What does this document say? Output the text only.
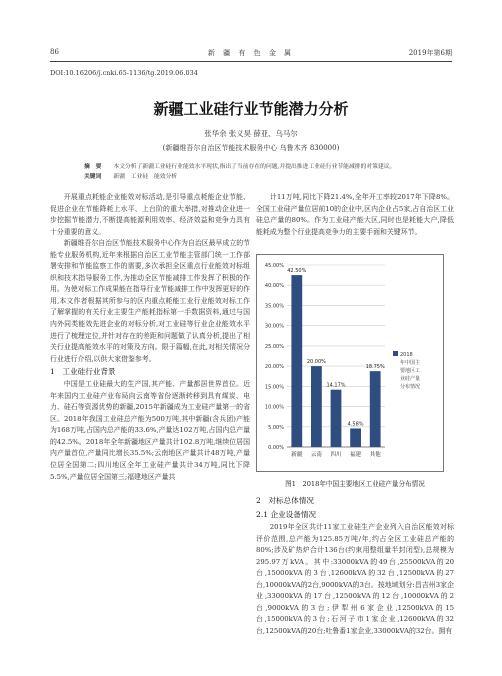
86	新 疆 有 色 金 属	2019年第6期
DOI:10.16206/j.cnki.65-1136/tg.2019.06.034
新疆工业硅行业节能潜力分析
张华余 张义昊 薛亚、乌马尔
(新疆维吾尔自治区节能技术服务中心 乌鲁木齐 830000)
摘　要 本文分析了新疆工业硅行业能效水平现状,指出了当前存在的问题,并提出推进工业硅行业节能减排的对策建议。
关键词 新疆　工业硅　能效分析

开展重点耗能企业能效对标活动,是引导重点耗能企业节能、促进企业在节能降耗上水平、上台阶的重大举措,对推动企业进一步挖掘节能潜力,不断提高能源利用效率、经济效益和竞争力具有十分重要的意义。

新疆维吾尔自治区节能技术服务中心作为自治区最早成立的节能专业服务机构,近年来根据自治区工业节能主管部门统一工作部署安排和节能监察工作的需要,多次承担全区重点行业能效对标组织和技术指导服务工作,为推动全区节能减排工作发挥了积极的作用。为使对标工作成果能在指导行业节能减排工作中发挥更好的作用,本文作者根据其所参与的区内重点耗能工业行业能效对标工作了解掌握的有关行业主要生产能耗指标第一手数据资料,通过与国内外同类能效先进企业的对标分析,对工业硅等行业企业能效水平进行了梳理定位,并针对存在的差距和问题做了认真分析,提出了相关行业提高能效水平的对策及方向。限于篇幅,在此,对相关情况分行业进行介绍,以供大家借鉴参考。

1　工业硅行业背景

中国是工业硅最大的生产国,其产能、产量都居世界首位。近年来国内工业硅产业布局向云南等省份逐渐转移到具有煤炭、电力、硅石等资源优势的新疆,2015年新疆成为工业硅产量第一的省区。2018年我国工业硅总产能为500万吨,其中新疆(含兵团)产能为168万吨,占国内总产能的33.6%,产量达102万吨,占国内总产量的42.5%。2018年全年新疆地区产量共计102.8万吨,继续位居国内产量首位,产量同比增长35.5%;云南地区产量共计48万吨,产量位居全国第二;四川地区全年工业硅产量共计34万吨,同比下降5.5%,产量位居全国第三;福建地区产量共

计11万吨,同比下降21.4%,全年开工率较2017年下降8%。全国工业硅产量位居前10的企业中,区内企业占5家,占自治区工业硅总产量的80%。作为工业硅产能大区,同时也是耗能大户,降低能耗成为整个行业提高竞争力的主要手面和关键环节。

0.00%
5.00%
10.00%
15.00%
20.00%
25.00%
30.00%
35.00%
40.00%
45.00%
42.50%
新疆
20.00%
云南
14.17%
四川
4.58%
福建
18.75%
其他
2018
年中国主
要地区工
业硅产量
分布情况
图1　2018年中国主要地区工业硅产量分布情况
2　对标总体情况
2.1 企业设备情况

2019年全区共计11家工业硅生产企业列入自治区能效对标评价范围,总产能为125.85万吨/年,约占全区工业硅总产能的80%;涉及矿热炉合计136台(约束用整组量半封闭型),总规模为295.97万kVA。其中:33000kVA的49台,25500kVA的20台,15000kVA的3台,12600kVA的32台,12500kVA的27台,10000kVA的2台,9000kVA的3台。按地域划分:昌吉州3家企业,33000kVA的17台,12500kVA的12台,10000kVA的2台,9000kVA的3台;伊犁州6家企业,12500kVA的15台,15000kVA的3台;石河子市1家企业,12600kVA的32台,12500kVA的20台;吐鲁番1家企业,33000kVA的32台。拥有
